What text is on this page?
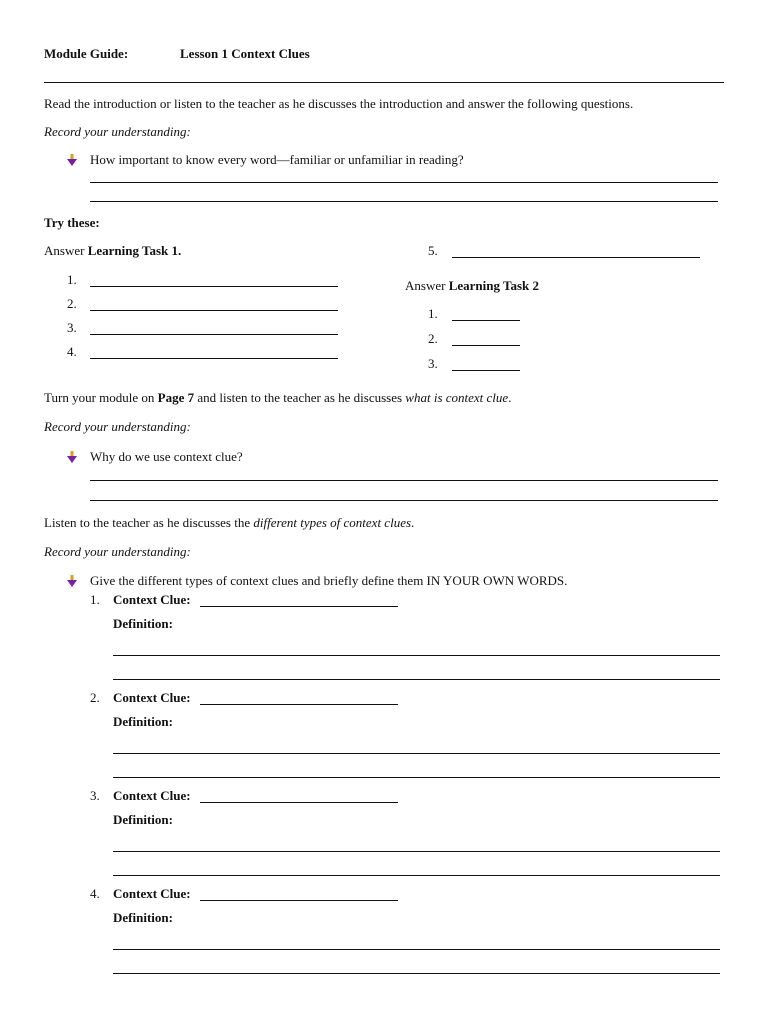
Module Guide:	Lesson 1 Context Clues
Read the introduction or listen to the teacher as he discusses the introduction and answer the following questions.
Record your understanding:
How important to know every word—familiar or unfamiliar in reading?
Try these:
Answer Learning Task 1.
1.
2.
3.
4.
5.
Answer Learning Task 2
1.
2.
3.
Turn your module on Page 7 and listen to the teacher as he discusses what is context clue.
Record your understanding:
Why do we use context clue?
Listen to the teacher as he discusses the different types of context clues.
Record your understanding:
Give the different types of context clues and briefly define them IN YOUR OWN WORDS.
1. Context Clue:
Definition:
2. Context Clue:
Definition:
3. Context Clue:
Definition:
4. Context Clue:
Definition:
